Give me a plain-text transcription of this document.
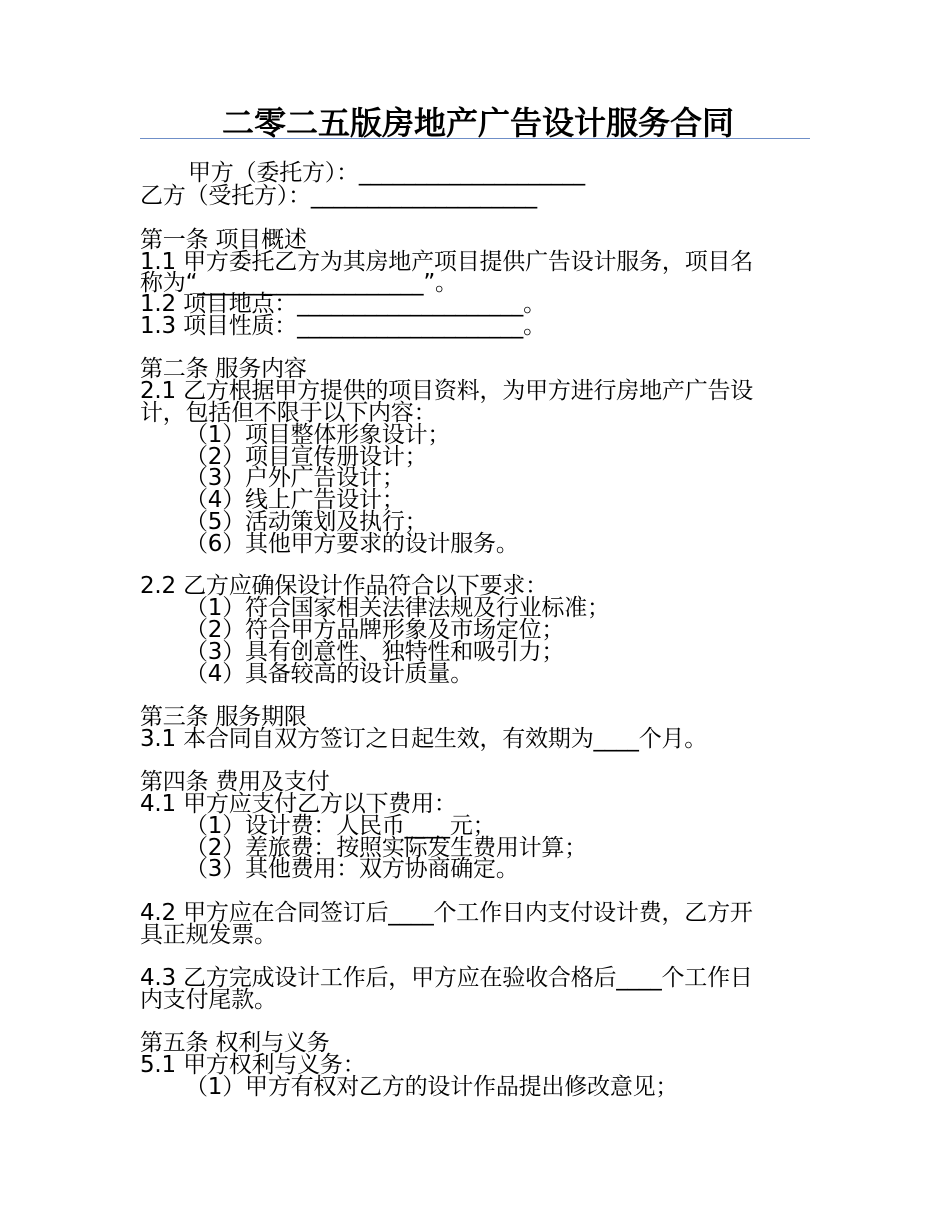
二零二五版房地产广告设计服务合同
甲方（委托方）：____________________
乙方（受托方）：____________________
第一条 项目概述
1.1 甲方委托乙方为其房地产项目提供广告设计服务，项目名
称为“____________________”。
1.2 项目地点：____________________。
1.3 项目性质：____________________。
第二条 服务内容
2.1 乙方根据甲方提供的项目资料，为甲方进行房地产广告设
计，包括但不限于以下内容：
（1）项目整体形象设计；
（2）项目宣传册设计；
（3）户外广告设计；
（4）线上广告设计；
（5）活动策划及执行；
（6）其他甲方要求的设计服务。
2.2 乙方应确保设计作品符合以下要求：
（1）符合国家相关法律法规及行业标准；
（2）符合甲方品牌形象及市场定位；
（3）具有创意性、独特性和吸引力；
（4）具备较高的设计质量。
第三条 服务期限
3.1 本合同自双方签订之日起生效，有效期为____个月。
第四条 费用及支付
4.1 甲方应支付乙方以下费用：
（1）设计费：人民币____元；
（2）差旅费：按照实际发生费用计算；
（3）其他费用：双方协商确定。
4.2 甲方应在合同签订后____个工作日内支付设计费，乙方开
具正规发票。
4.3 乙方完成设计工作后，甲方应在验收合格后____个工作日
内支付尾款。
第五条 权利与义务
5.1 甲方权利与义务：
（1）甲方有权对乙方的设计作品提出修改意见；
